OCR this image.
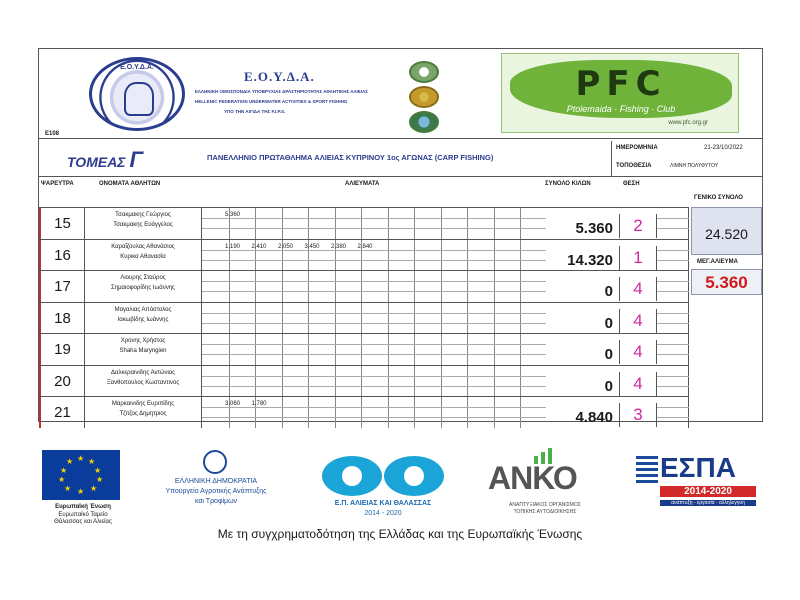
Ε.Ο.Υ.Δ.Α.
Ε.Ο.Υ.Δ.Α.
ΕΛΛΗΝΙΚΗ ΟΜΟΣΠΟΝΔΙΑ ΥΠΟΒΡΥΧΙΑΣ ΔΡΑΣΤΗΡΙΟΤΗΤΑΣ ΑΘΛΗΤΙΚΗΣ ΑΛΙΕΙΑΣ
HELLENIC FEDERATION UNDERWATER ACTIVITIES & SPORT FISHING
ΥΠΟ ΤΗΝ ΑΙΓΙΔΑ ΤΗΣ F.I.P.S.
PFC
Ptolemaida · Fishing · Club
www.pfc.org.gr
E108
ΤΟΜΕΑΣ Γ	ΠΑΝΕΛΛΗΝΙΟ ΠΡΩΤΑΘΛΗΜΑ ΑΛΙΕΙΑΣ ΚΥΠΡΙΝΟΥ 1ος ΑΓΩΝΑΣ (CARP FISHING)
ΗΜΕΡΟΜΗΝΙΑ	21-23/10/2022
ΤΟΠΟΘΕΣΙΑ	ΛΙΜΝΗ ΠΟΛΥΦΥΤΟΥ
ΨΑΡΕΥΤΡΑ	ΟΝΟΜΑΤΑ ΑΘΛΗΤΩΝ	ΑΛΙΕΥΜΑΤΑ	ΣΥΝΟΛΟ ΚΙΛΩΝ	ΘΕΣΗ
ΓΕΝΙΚΟ ΣΥΝΟΛΟ
15	Τσακμακης Γεώργιος
Τσακμακης Ευάγγελος
5.360
5.360	2
16	Καραΐζουλας Αθανάσιος
Κυρικα Αθανασία
1.190	2.410	2.050	3.450	2.380	2.840
14.320	1
17	Λιουρης Σταύρος
Σημαιοφορίδης Ιωάννης	0	4
18	Μαγαλιας Απόστολος
Ιακωβίδης Ιωάννης	0	4
19	Χρονης Χρήστος
Shaha Maryngien	0	4
20	Δαλκεραινιδης Αντώνιος
Ξανθοπουλος Κωσταντινος	0	4
21	Μαρκαινιδης Ευριπίδης
Τζιτζος Δημητριος
3.060	1.780
4.840	3
24.520
ΜΕΓ.ΑΛΙΕΥΜΑ
5.360
★ ★
★
★
★
★
★
★
★
★
Ευρωπαϊκή Ένωση
Ευρωπαϊκό Ταμείο
Θάλασσας και Αλιείας
ΕΛΛΗΝΙΚΗ ΔΗΜΟΚΡΑΤΙΑ
Υπουργείο Αγροτικής Ανάπτυξης
και Τροφίμων	Ε.Π. ΑΛΙΕΙΑΣ ΚΑΙ ΘΑΛΑΣΣΑΣ
2014 - 2020
ΑΝΚΟ
ΑΝΑΠΤΥΞΙΑΚΟΣ ΟΡΓΑΝΙΣΜΟΣ
ΤΟΠΙΚΗΣ ΑΥΤΟΔΙΟΙΚΗΣΗΣ
ΕΣΠΑ
2014-2020
ανάπτυξη - εργασία - αλληλεγγύη
Με τη συγχρηματοδότηση της Ελλάδας και της Ευρωπαϊκής Ένωσης
